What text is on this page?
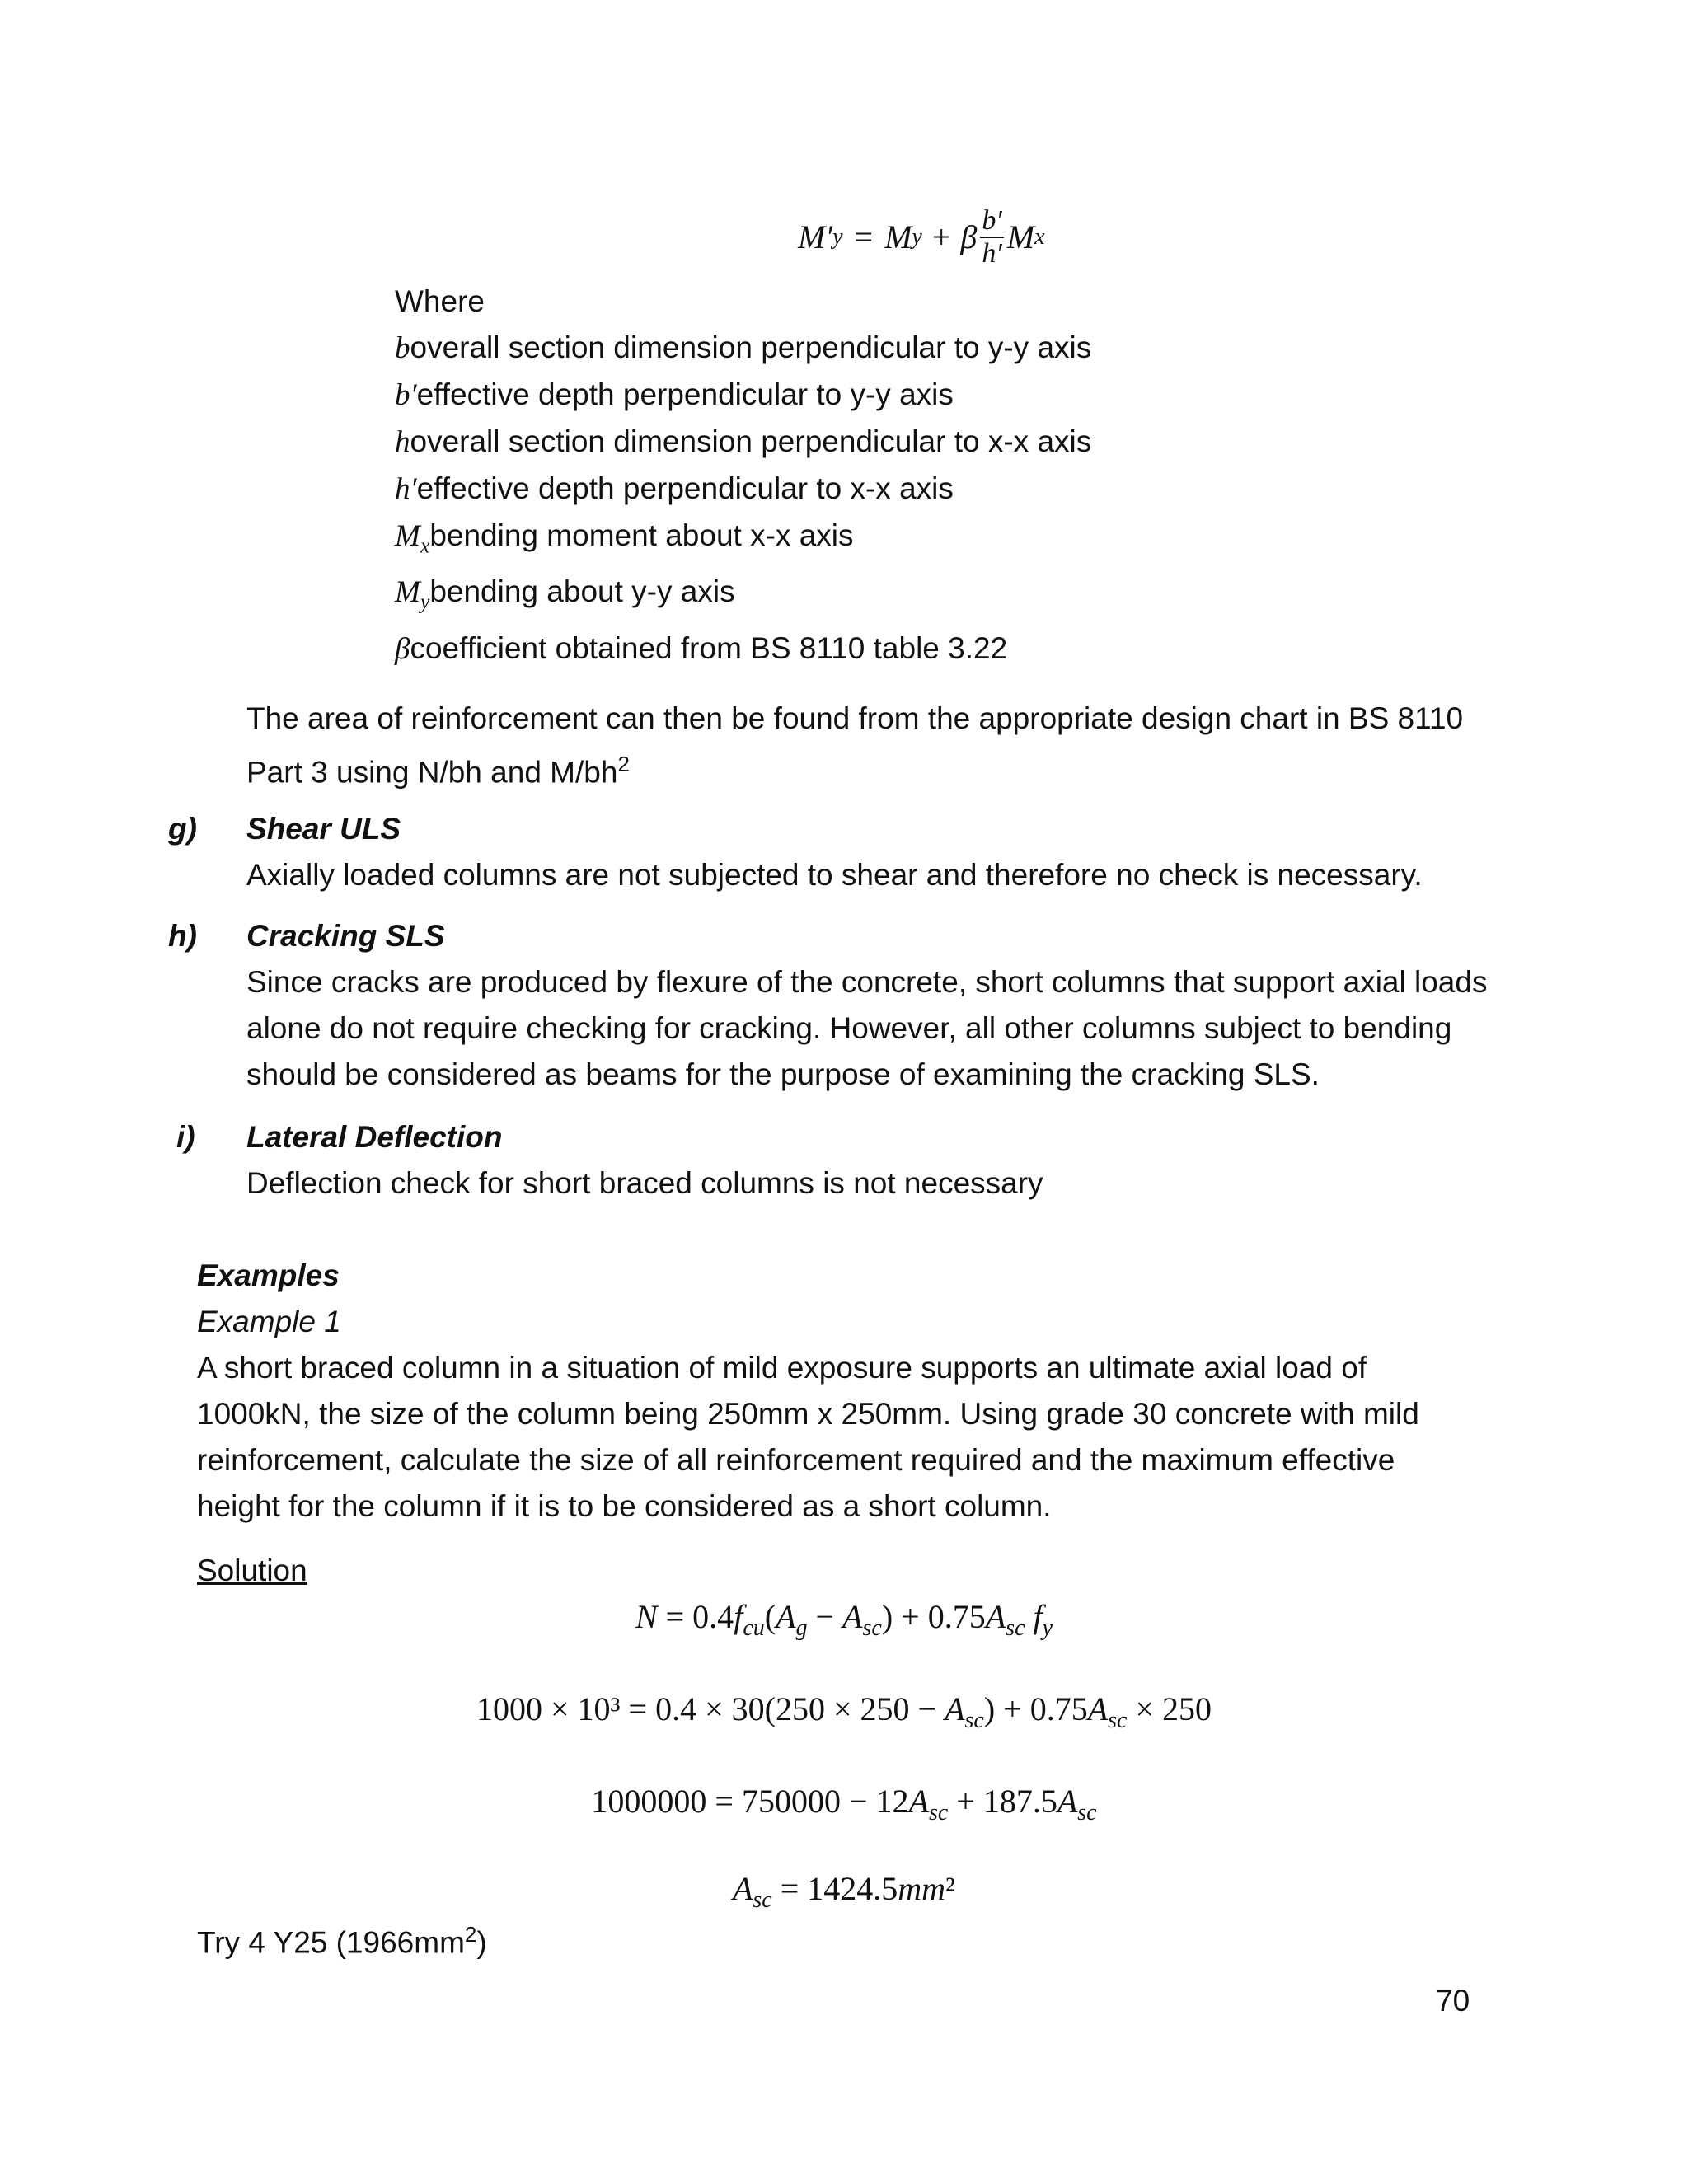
M′ y = M y + β $\frac{b'}{h'}$ M x
Where
boverall section dimension perpendicular to y-y axis
b′effective depth perpendicular to y-y axis
hoverall section dimension perpendicular to x-x axis
h′effective depth perpendicular to x-x axis
$M_xbending$ moment about x-x axis
$M_ybending$ about y-y axis
βcoefficient obtained from BS 8110 table 3.22
The area of reinforcement can then be found from the appropriate design chart in BS 8110
Part 3 using N/bh and $M/bh^2$
g) Shear ULS
Axially loaded columns are not subjected to shear and therefore no check is necessary.
h) Cracking SLS
Since cracks are produced by flexure of the concrete, short columns that support axial loads
alone do not require checking for cracking. However, all other columns subject to bending
should be considered as beams for the purpose of examining the cracking SLS.
i) Lateral Deflection
Deflection check for short braced columns is not necessary
Examples
Example 1
A short braced column in a situation of mild exposure supports an ultimate axial load of
1000kN, the size of the column being 250mm x 250mm. Using grade 30 concrete with mild
reinforcement, calculate the size of all reinforcement required and the maximum effective
height for the column if it is to be considered as a short column.
Solution
$N = 0.4f_{cu}(A_g - A_{sc}) + 0.75A_{sc}$ $f_y$
$1000 \times 10^3 = 0.4 \times 30(250 \times 250 - A_{sc}) + 0.75A_{sc} \times 250$
$1000000 = 750000 - 12A_{sc} + 187.5A_{sc}$
$A_{sc} = 1424.5mm^2$
Try 4 Y25 $(1966mm^2)$
70
